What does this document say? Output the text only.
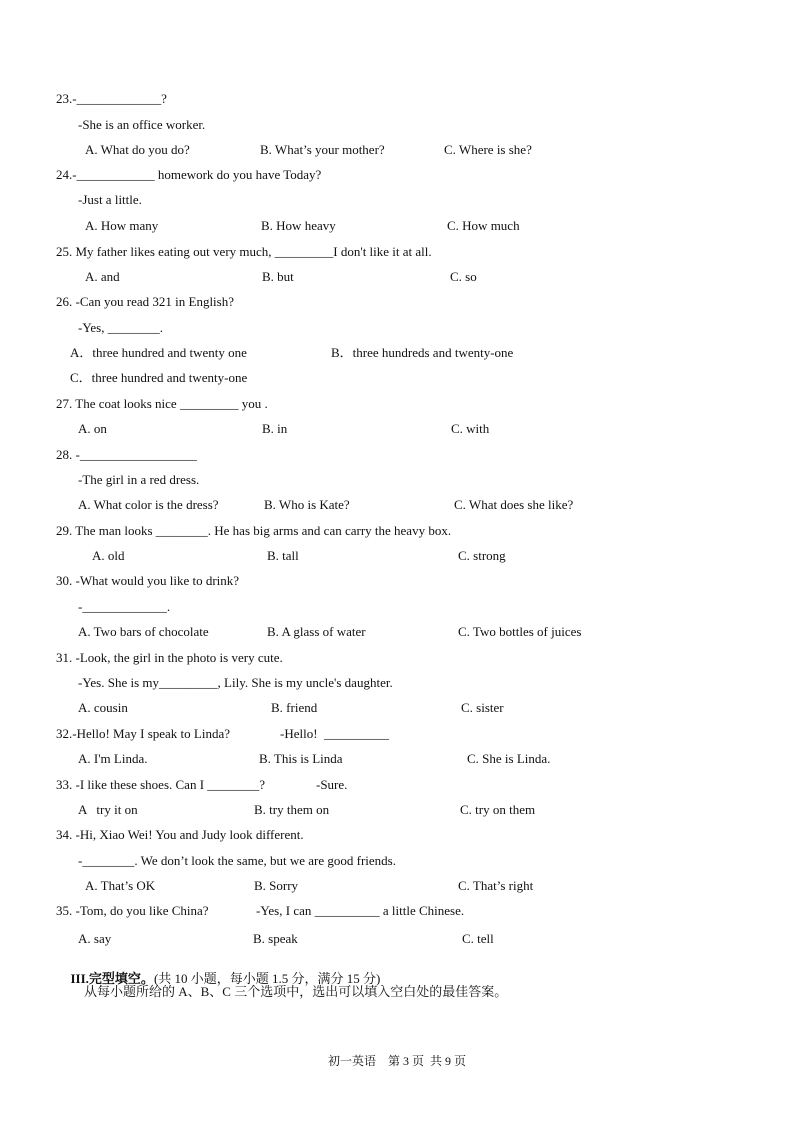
23.-_____________?
-She is an office worker.
A. What do you do?	B. What’s your mother?	C. Where is she?
24.-____________ homework do you have Today?
-Just a little.
A. How many	B. How heavy	C. How much
25. My father likes eating out very much, _________I don't like it at all.
A. and	B. but	C. so
26. -Can you read 321 in English?
-Yes, ________.
A．three hundred and twenty one	B．three hundreds and twenty-one
C．three hundred and twenty-one
27. The coat looks nice _________ you .
A. on	B. in	C. with
28. -__________________
-The girl in a red dress.
A. What color is the dress?	B. Who is Kate?	C. What does she like?
29. The man looks ________. He has big arms and can carry the heavy box.
A. old	B. tall	C. strong
30. -What would you like to drink?
-_____________.
A. Two bars of chocolate	B. A glass of water	C. Two bottles of juices
31. -Look, the girl in the photo is very cute.
-Yes. She is my_________, Lily. She is my uncle's daughter.
A. cousin	B. friend	C. sister
32.-Hello! May I speak to Linda?	-Hello!  __________
A. I'm Linda.	B. This is Linda	C. She is Linda.
33. -I like these shoes. Can I ________?	-Sure.
A   try it on	B. try them on	C. try on them
34. -Hi, Xiao Wei! You and Judy look different.
-________. We don’t look the same, but we are good friends.
A. That’s OK	B. Sorry	C. That’s right
35. -Tom, do you like China?	-Yes, I can __________ a little Chinese.
A. say	B. speak	C. tell

III.完型填空。(共 10 小题，每小题 1.5 分，满分 15 分)

从每小题所给的 A、B、C 三个选项中，选出可以填入空白处的最佳答案。
初一英语    第 3 页  共 9 页
